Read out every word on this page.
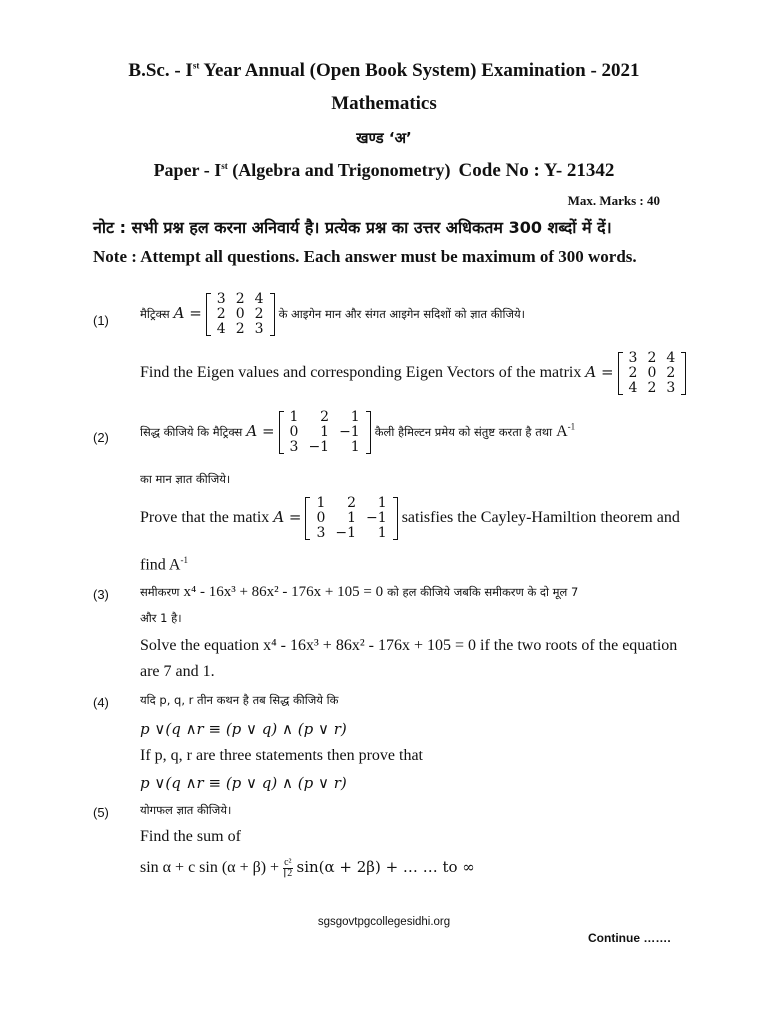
B.Sc. - Ist Year Annual (Open Book System) Examination - 2021
Mathematics
खण्ड ‘अ’
Paper - Ist (Algebra and Trigonometry) Code No : Y- 21342
Max. Marks : 40
नोट : सभी प्रश्न हल करना अनिवार्य है। प्रत्येक प्रश्न का उत्तर अधिकतम 300 शब्दों में दें।
Note : Attempt all questions. Each answer must be maximum of 300 words.
(1)	मैट्रिक्स A =
3	2	4
2	0	2
4	2	3
के आइगेन मान और संगत आइगेन सदिशों को ज्ञात कीजिये।
Find the Eigen values and corresponding Eigen Vectors of the matrix A =
3	2	4
2	0	2
4	2	3
(2)	सिद्ध कीजिये कि मैट्रिक्स A =
1	2	1
0	1	−1
3	−1	1
कैली हैमिल्टन प्रमेय को संतुष्ट करता है तथा $A^{-1}$
का मान ज्ञात कीजिये।
Prove that the matix A =
1	2	1
0	1	−1
3	−1	1
satisfies the Cayley-Hamiltion theorem and
find $A^{-1}$
(3)	समीकरण x⁴ - 16x³ + 86x² - 176x + 105 = 0 को हल कीजिये जबकि समीकरण के दो मूल 7
और 1 है।
Solve the equation x⁴ - 16x³ + 86x² - 176x + 105 = 0 if the two roots of the equation
are 7 and 1.
(4)	यदि p, q, r तीन कथन है तब सिद्ध कीजिये कि
p ∨(q ∧r ≡ (p ∨ q) ∧ (p ∨ r)
If p, q, r are three statements then prove that
p ∨(q ∧r ≡ (p ∨ q) ∧ (p ∨ r)
(5)	योगफल ज्ञात कीजिये।
Find the sum of
sin α + c $\sin (\alpha + \beta) + \frac{\text{c²}}{⌈2} \sin(\alpha + 2\beta)$ + … … to ∞
sgsgovtpgcollegesidhi.org
Continue …….
